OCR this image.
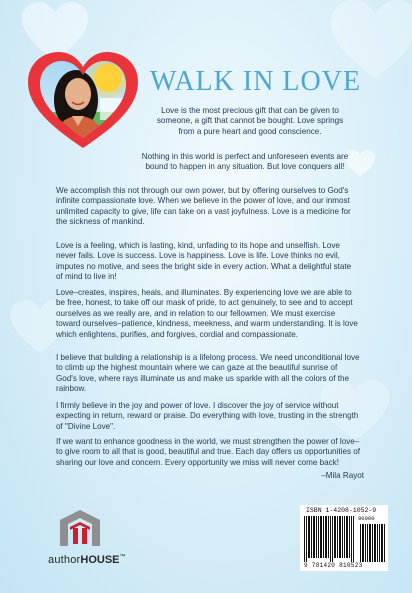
WALK IN LOVE

Love is the most precious gift that can be given to someone, a gift that cannot be bought. Love springs from a pure heart and good conscience.

Nothing in this world is perfect and unforeseen events are bound to happen in any situation. But love conquers all!

We accomplish this not through our own power, but by offering ourselves to God's infinite compassionate love. When we believe in the power of love, and our inmost unlimited capacity to give, life can take on a vast joyfulness. Love is a medicine for the sickness of mankind.

Love is a feeling, which is lasting, kind, unfading to its hope and unselfish. Love never fails. Love is success. Love is happiness. Love is life. Love thinks no evil, imputes no motive, and sees the bright side in every action. What a delightful state of mind to live in!

Love–creates, inspires, heals, and illuminates. By experiencing love we are able to be free, honest, to take off our mask of pride, to act genuinely, to see and to accept ourselves as we really are, and in relation to our fellowmen. We must exercise toward ourselves–patience, kindness, meekness, and warm understanding. It is love which enlightens, purifies, and forgives, cordial and compassionate.

I believe that building a relationship is a lifelong process. We need unconditional love to climb up the highest mountain where we can gaze at the beautiful sunrise of God's love, where rays illuminate us and make us sparkle with all the colors of the rainbow.

I firmly believe in the joy and power of love. I discover the joy of service without expecting in return, reward or praise. Do everything with love, trusting in the strength of "Divine Love".

If we want to enhance goodness in the world, we must strengthen the power of love–to give room to all that is good, beautiful and true. Each day offers us opportunities of sharing our love and concern. Every opportunity we miss will never come back!

–Mila Rayot

authorHOUSE™
ISBN 1-4208-1052-9
90000
9 781420 810523
